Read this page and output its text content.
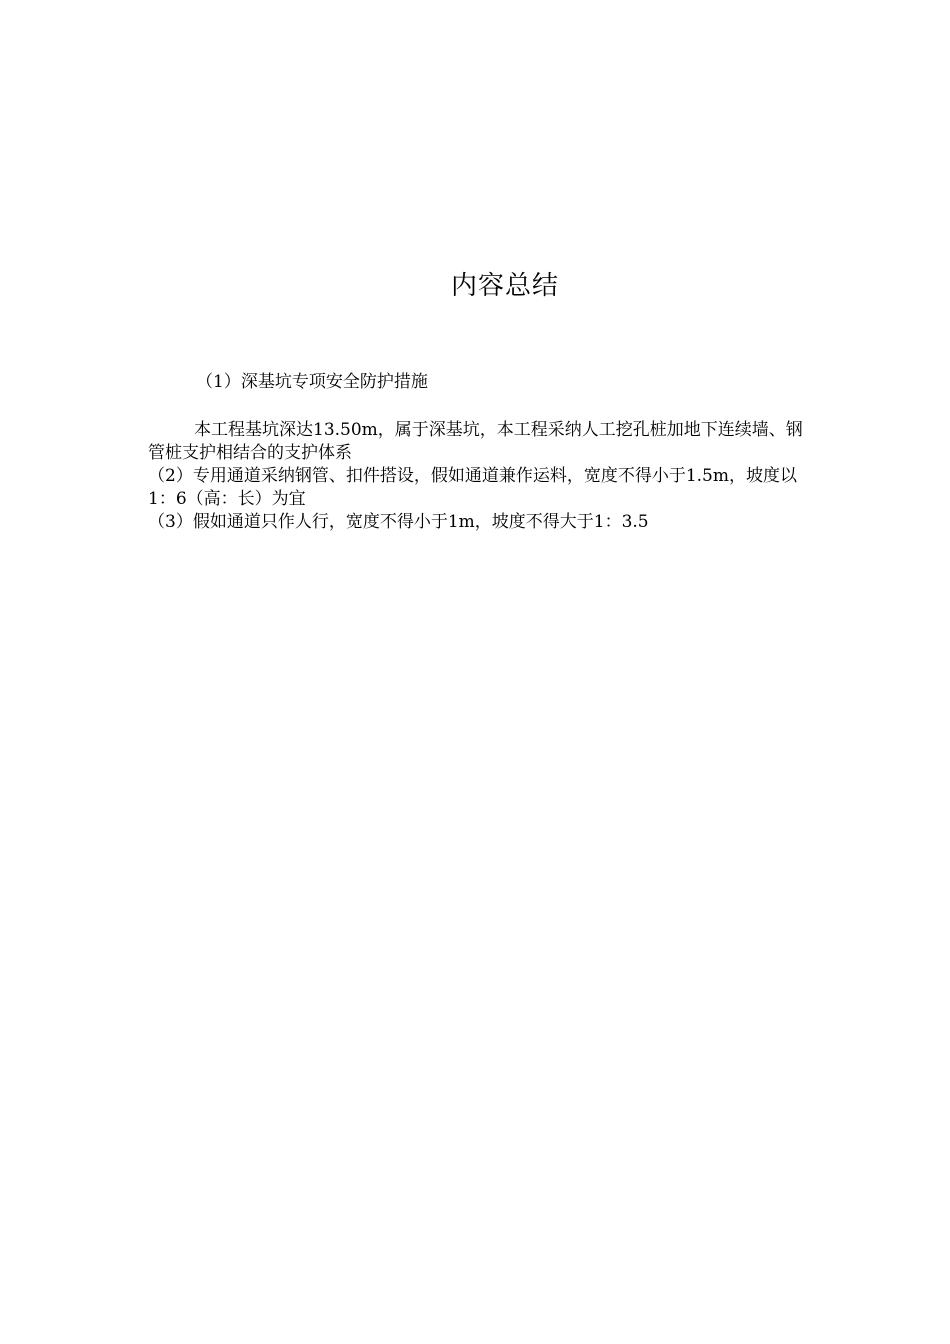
内容总结
（1）深基坑专项安全防护措施

本工程基坑深达13.50m，属于深基坑，本工程采纳人工挖孔桩加地下连续墙、钢管桩支护相结合的支护体系

（2）专用通道采纳钢管、扣件搭设，假如通道兼作运料，宽度不得小于1.5m，坡度以1：6（高：长）为宜

（3）假如通道只作人行，宽度不得小于1m，坡度不得大于1：3.5
